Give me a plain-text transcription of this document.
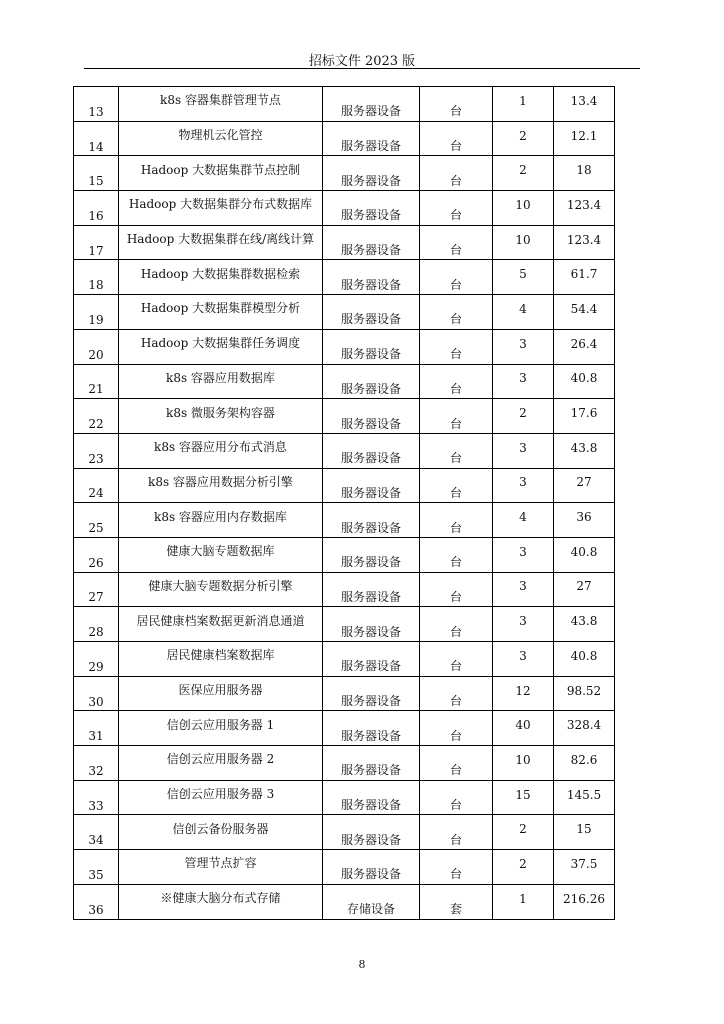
招标文件 2023 版
13	k8s 容器集群管理节点	服务器设备	台	1	13.4
14	物理机云化管控	服务器设备	台	2	12.1
15	Hadoop 大数据集群节点控制	服务器设备	台	2	18
16	Hadoop 大数据集群分布式数据库	服务器设备	台	10	123.4
17	Hadoop 大数据集群在线/离线计算	服务器设备	台	10	123.4
18	Hadoop 大数据集群数据检索	服务器设备	台	5	61.7
19	Hadoop 大数据集群模型分析	服务器设备	台	4	54.4
20	Hadoop 大数据集群任务调度	服务器设备	台	3	26.4
21	k8s 容器应用数据库	服务器设备	台	3	40.8
22	k8s 微服务架构容器	服务器设备	台	2	17.6
23	k8s 容器应用分布式消息	服务器设备	台	3	43.8
24	k8s 容器应用数据分析引擎	服务器设备	台	3	27
25	k8s 容器应用内存数据库	服务器设备	台	4	36
26	健康大脑专题数据库	服务器设备	台	3	40.8
27	健康大脑专题数据分析引擎	服务器设备	台	3	27
28	居民健康档案数据更新消息通道	服务器设备	台	3	43.8
29	居民健康档案数据库	服务器设备	台	3	40.8
30	医保应用服务器	服务器设备	台	12	98.52
31	信创云应用服务器 1	服务器设备	台	40	328.4
32	信创云应用服务器 2	服务器设备	台	10	82.6
33	信创云应用服务器 3	服务器设备	台	15	145.5
34	信创云备份服务器	服务器设备	台	2	15
35	管理节点扩容	服务器设备	台	2	37.5
36	※健康大脑分布式存储	存储设备	套	1	216.26
8
